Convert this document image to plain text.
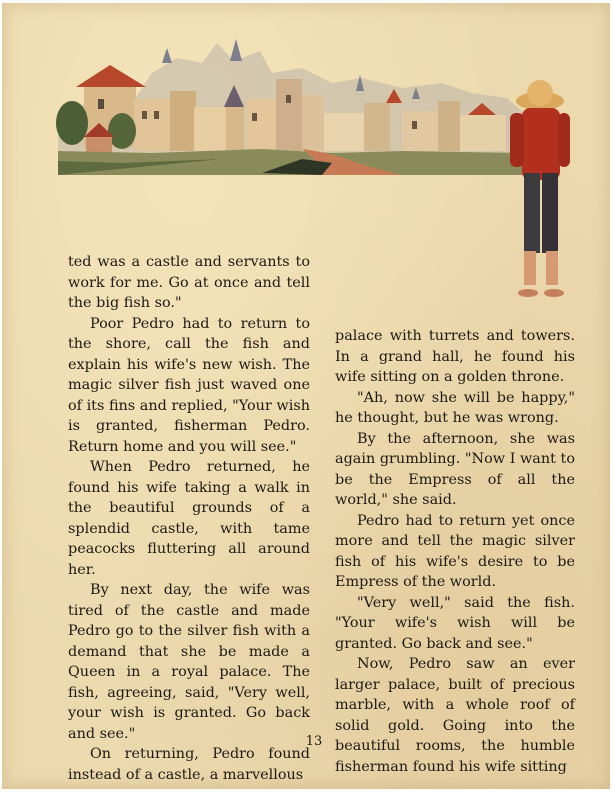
ted was a castle and servants to work for me. Go at once and tell the big fish so."

Poor Pedro had to return to the shore, call the fish and explain his wife's new wish. The magic silver fish just waved one of its fins and replied, "Your wish is granted, fisherman Pedro. Return home and you will see."

When Pedro returned, he found his wife taking a walk in the beautiful grounds of a splendid castle, with tame peacocks fluttering all around her.

By next day, the wife was tired of the castle and made Pedro go to the silver fish with a demand that she be made a Queen in a royal palace. The fish, agreeing, said, "Very well, your wish is granted. Go back and see."

On returning, Pedro found instead of a castle, a marvellous

palace with turrets and towers. In a grand hall, he found his wife sitting on a golden throne.

"Ah, now she will be happy," he thought, but he was wrong.

By the afternoon, she was again grumbling. "Now I want to be the Empress of all the world," she said.

Pedro had to return yet once more and tell the magic silver fish of his wife's desire to be Empress of the world.

"Very well," said the fish. "Your wife's wish will be granted. Go back and see."

Now, Pedro saw an ever larger palace, built of precious marble, with a whole roof of solid gold. Going into the beautiful rooms, the humble fisherman found his wife sitting

13
